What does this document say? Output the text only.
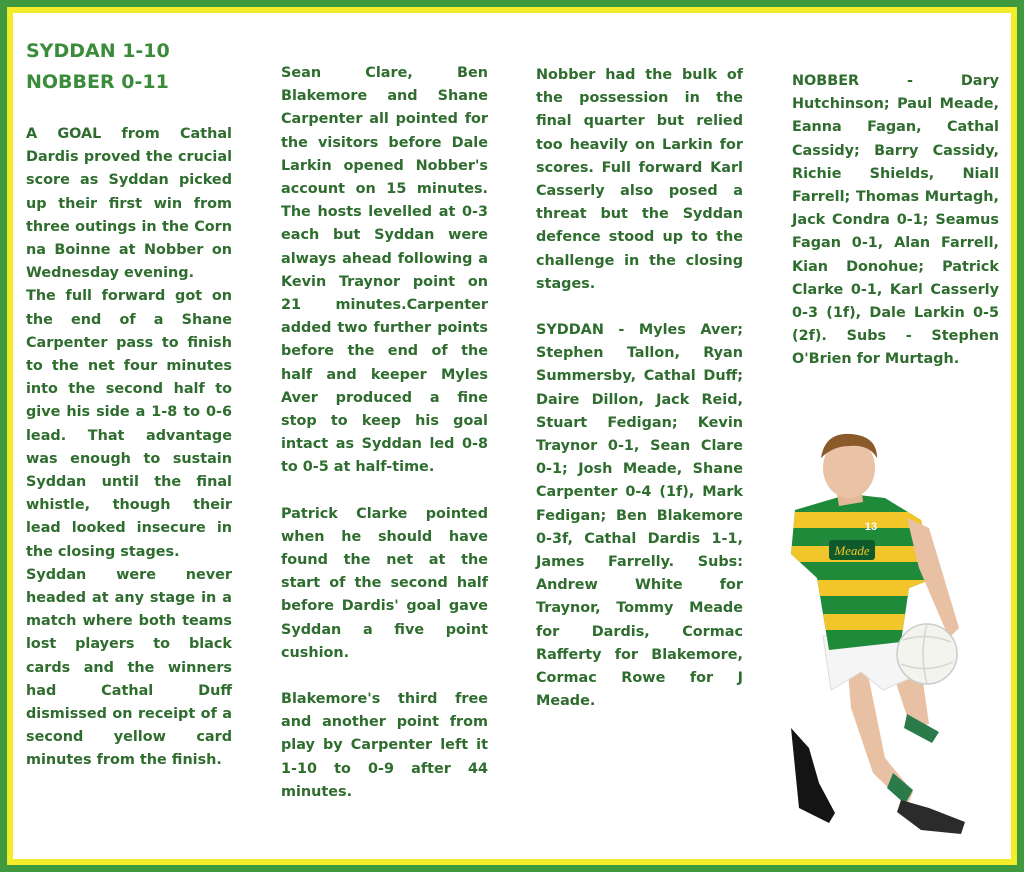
SYDDAN 1-10
NOBBER 0-11

A GOAL from Cathal Dardis proved the crucial score as Syddan picked up their first win from three outings in the Corn na Boinne at Nobber on Wednesday evening.

The full forward got on the end of a Shane Carpenter pass to finish to the net four minutes into the second half to give his side a 1-8 to 0-6 lead. That advantage was enough to sustain Syddan until the final whistle, though their lead looked insecure in the closing stages.

Syddan were never headed at any stage in a match where both teams lost players to black cards and the winners had Cathal Duff dismissed on receipt of a second yellow card minutes from the finish.

Sean Clare, Ben Blakemore and Shane Carpenter all pointed for the visitors before Dale Larkin opened Nobber's account on 15 minutes. The hosts levelled at 0-3 each but Syddan were always ahead following a Kevin Traynor point on 21 minutes.Carpenter added two further points before the end of the half and keeper Myles Aver produced a fine stop to keep his goal intact as Syddan led 0-8 to 0-5 at half-time.

Patrick Clarke pointed when he should have found the net at the start of the second half before Dardis' goal gave Syddan a five point cushion.

Blakemore's third free and another point from play by Carpenter left it 1-10 to 0-9 after 44 minutes.

Nobber had the bulk of the possession in the final quarter but relied too heavily on Larkin for scores. Full forward Karl Casserly also posed a threat but the Syddan defence stood up to the challenge in the closing stages.

SYDDAN - Myles Aver; Stephen Tallon, Ryan Summersby, Cathal Duff; Daire Dillon, Jack Reid, Stuart Fedigan; Kevin Traynor 0-1, Sean Clare 0-1; Josh Meade, Shane Carpenter 0-4 (1f), Mark Fedigan; Ben Blakemore 0-3f, Cathal Dardis 1-1, James Farrelly. Subs: Andrew White for Traynor, Tommy Meade for Dardis, Cormac Rafferty for Blakemore, Cormac Rowe for J Meade.

NOBBER - Dary Hutchinson; Paul Meade, Eanna Fagan, Cathal Cassidy; Barry Cassidy, Richie Shields, Niall Farrell; Thomas Murtagh, Jack Condra 0-1; Seamus Fagan 0-1, Alan Farrell, Kian Donohue; Patrick Clarke 0-1, Karl Casserly 0-3 (1f), Dale Larkin 0-5 (2f). Subs - Stephen O'Brien for Murtagh.

Meade
13
